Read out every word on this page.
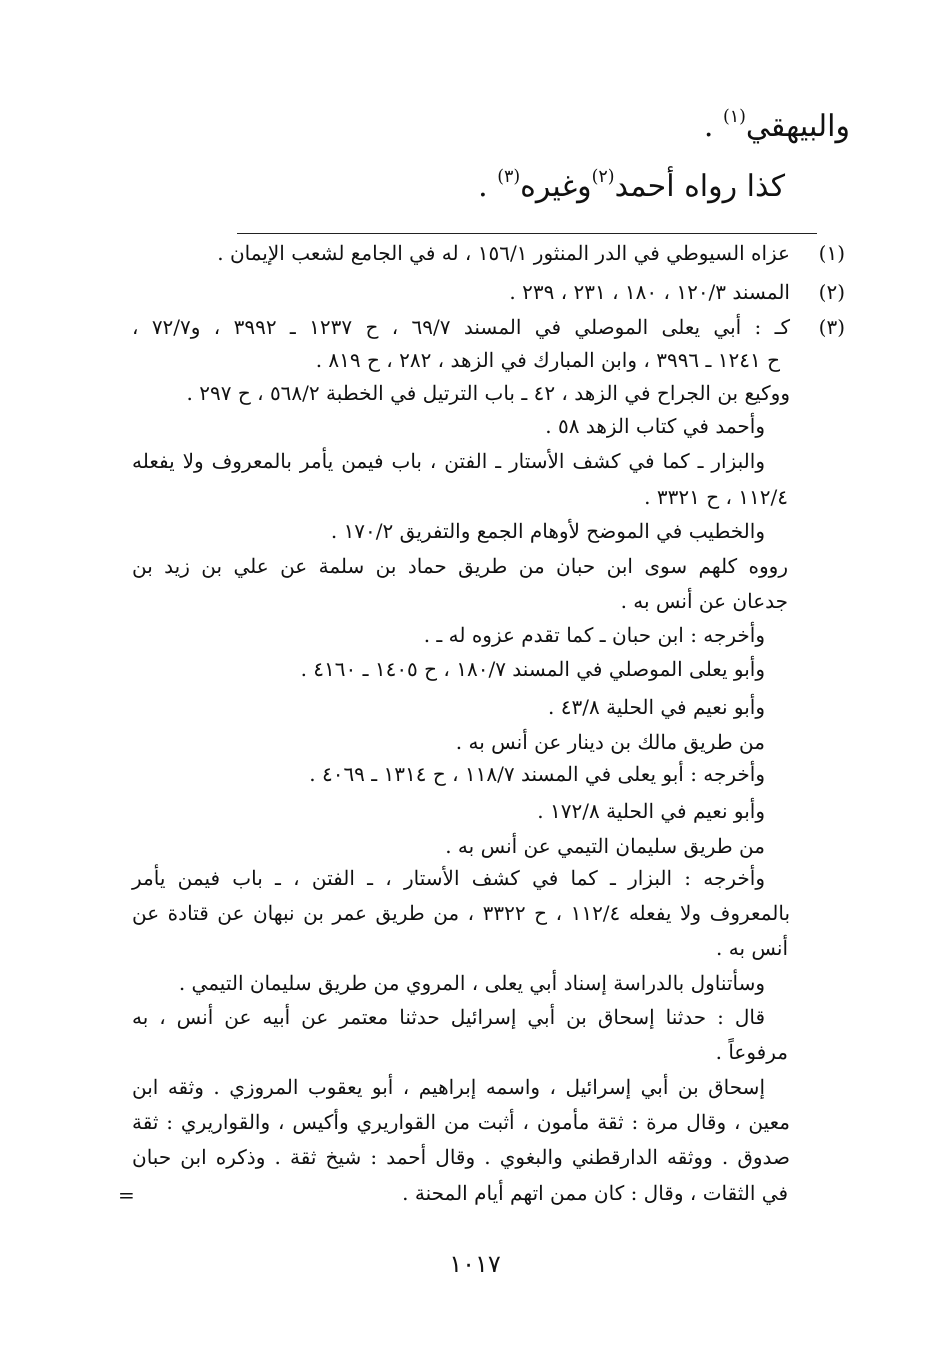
والبيهقي$^{(١)}$ .
كذا رواه أحمد$^{(٢)}$وغيره$^{(٣)}$ .
(١)
عزاه السيوطي في الدر المنثور ١٥٦/١ ، له في الجامع لشعب الإيمان .
(٢)
المسند ١٢٠/٣ ، ١٨٠ ، ٢٣١ ، ٢٣٩ .
(٣)
كـ : أبي يعلى الموصلي في المسند ٦٩/٧ ، ح ١٢٣٧ ـ ٣٩٩٢ ، و٧٢/٧ ،
ح ١٢٤١ ـ ٣٩٩٦ ، وابن المبارك في الزهد ، ٢٨٢ ، ح ٨١٩ .
ووكيع بن الجراح في الزهد ، ٤٢ ـ باب الترتيل في الخطبة ٥٦٨/٢ ، ح ٢٩٧ .
وأحمد في كتاب الزهد ٥٨ .
والبزار ـ كما في كشف الأستار ـ الفتن ، باب فيمن يأمر بالمعروف ولا يفعله
١١٢/٤ ، ح ٣٣٢١ .
والخطيب في الموضح لأوهام الجمع والتفريق ١٧٠/٢ .
رووه كلهم سوى ابن حبان من طريق حماد بن سلمة عن علي بن زيد بن
جدعان عن أنس به .
وأخرجه : ابن حبان ـ كما تقدم عزوه له ـ .
وأبو يعلى الموصلي في المسند ١٨٠/٧ ، ح ١٤٠٥ ـ ٤١٦٠ .
وأبو نعيم في الحلية ٤٣/٨ .
من طريق مالك بن دينار عن أنس به .
وأخرجه : أبو يعلى في المسند ١١٨/٧ ، ح ١٣١٤ ـ ٤٠٦٩ .
وأبو نعيم في الحلية ١٧٢/٨ .
من طريق سليمان التيمي عن أنس به .
وأخرجه : البزار ـ كما في كشف الأستار ، ـ الفتن ، ـ باب فيمن يأمر
بالمعروف ولا يفعله ١١٢/٤ ، ح ٣٣٢٢ ، من طريق عمر بن نبهان عن قتادة عن
أنس به .
وسأتناول بالدراسة إسناد أبي يعلى ، المروي من طريق سليمان التيمي .
قال : حدثنا إسحاق بن أبي إسرائيل حدثنا معتمر عن أبيه عن أنس ، به
مرفوعاً .
إسحاق بن أبي إسرائيل ، واسمه إبراهيم ، أبو يعقوب المروزي . وثقه ابن
معين ، وقال مرة : ثقة مأمون ، أثبت من القواريري وأكيس ، والقواريري : ثقة
صدوق . ووثقه الدارقطني والبغوي . وقال أحمد : شيخ ثقة . وذكره ابن حبان
في الثقات ، وقال : كان ممن اتهم أيام المحنة .
=
١٠١٧
